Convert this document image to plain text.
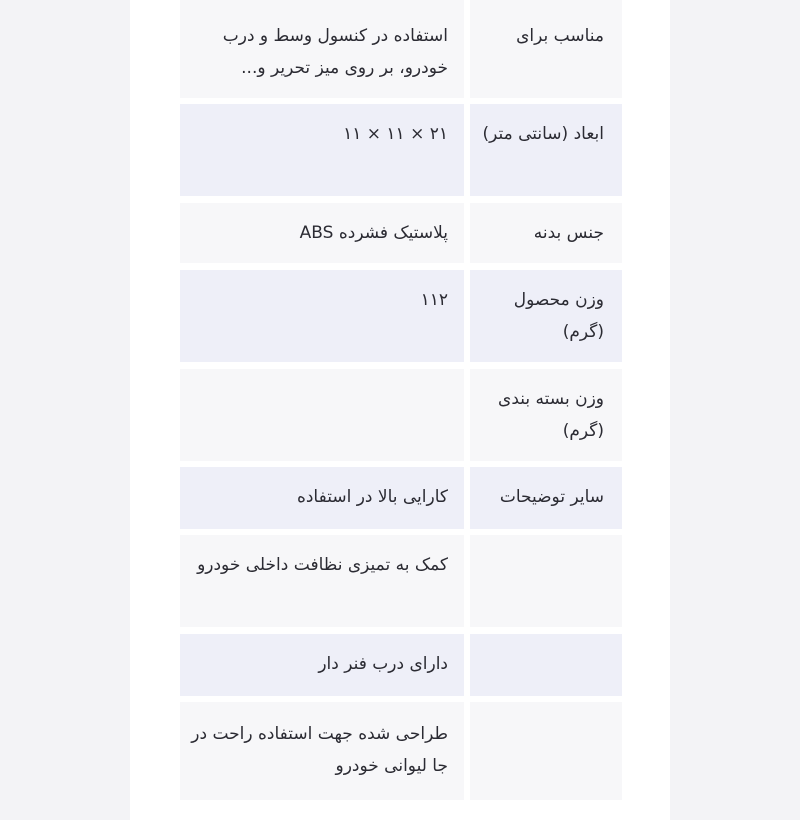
مناسب برای
استفاده در کنسول وسط و درب خودرو، بر روی میز تحریر و...
ابعاد (سانتی متر)
۲۱ × ۱۱ × ۱۱
جنس بدنه
پلاستیک فشرده ABS
وزن محصول (گرم)
۱۱۲
وزن بسته بندی (گرم)
سایر توضیحات
کارایی بالا در استفاده
کمک به تمیزی نظافت داخلی خودرو
دارای درب فنر دار
طراحی شده جهت استفاده راحت در جا لیوانی خودرو
